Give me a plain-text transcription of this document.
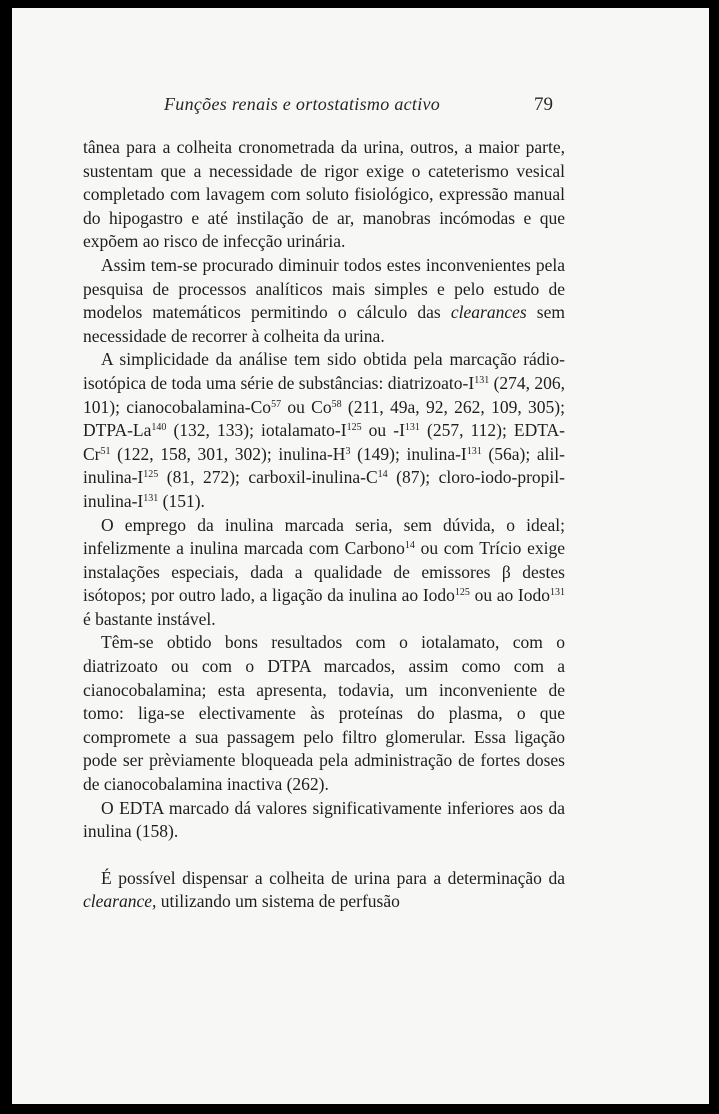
Funções renais e ortostatismo activo	79

tânea para a colheita cronometrada da urina, outros, a maior parte, sustentam que a necessidade de rigor exige o cateterismo vesical completado com lavagem com soluto fisiológico, expressão manual do hipogastro e até instilação de ar, manobras incómodas e que expõem ao risco de infecção urinária.

Assim tem-se procurado diminuir todos estes inconvenientes pela pesquisa de processos analíticos mais simples e pelo estudo de modelos matemáticos permitindo o cálculo das clearances sem necessidade de recorrer à colheita da urina.

A simplicidade da análise tem sido obtida pela marcação rádio-isotópica de toda uma série de substâncias: diatrizoato-$I^{131}$ (274, 206, 101); cianocobalamina-Co$^{57}$ ou Co$^{58}$ (211, 49a, 92, 262, 109, 305); DTPA-La$^{140}$ (132, 133); iotalamato-$I^{125}$ ou $-I^{131}$ (257, 112); EDTA-Cr$^{51}$ (122, 158, 301, 302); inulina-$H^3$ (149); inulina-$I^{131}$ (56a); alil-$inulina-I^{125}$ (81, 272); carboxil-$inulina-C^{14}$ (87); cloro-$iodo-propil-inulina-I^{131}$ (151).

O emprego da inulina marcada seria, sem dúvida, o ideal; infelizmente a inulina marcada com Carbono$^{14}$ ou com Trício exige instalações especiais, dada a qualidade de emissores β destes isótopos; por outro lado, a ligação da inulina ao Iodo$^{125}$ ou ao Iodo$^{131}$ é bastante instável.

Têm-se obtido bons resultados com o iotalamato, com o diatrizoato ou com o DTPA marcados, assim como com a cianocobalamina; esta apresenta, todavia, um inconveniente de tomo: liga-se electivamente às proteínas do plasma, o que compromete a sua passagem pelo filtro glomerular. Essa ligação pode ser prèviamente bloqueada pela administração de fortes doses de cianocobalamina inactiva (262).

O EDTA marcado dá valores significativamente inferiores aos da inulina (158).

É possível dispensar a colheita de urina para a determinação da clearance, utilizando um sistema de perfusão
